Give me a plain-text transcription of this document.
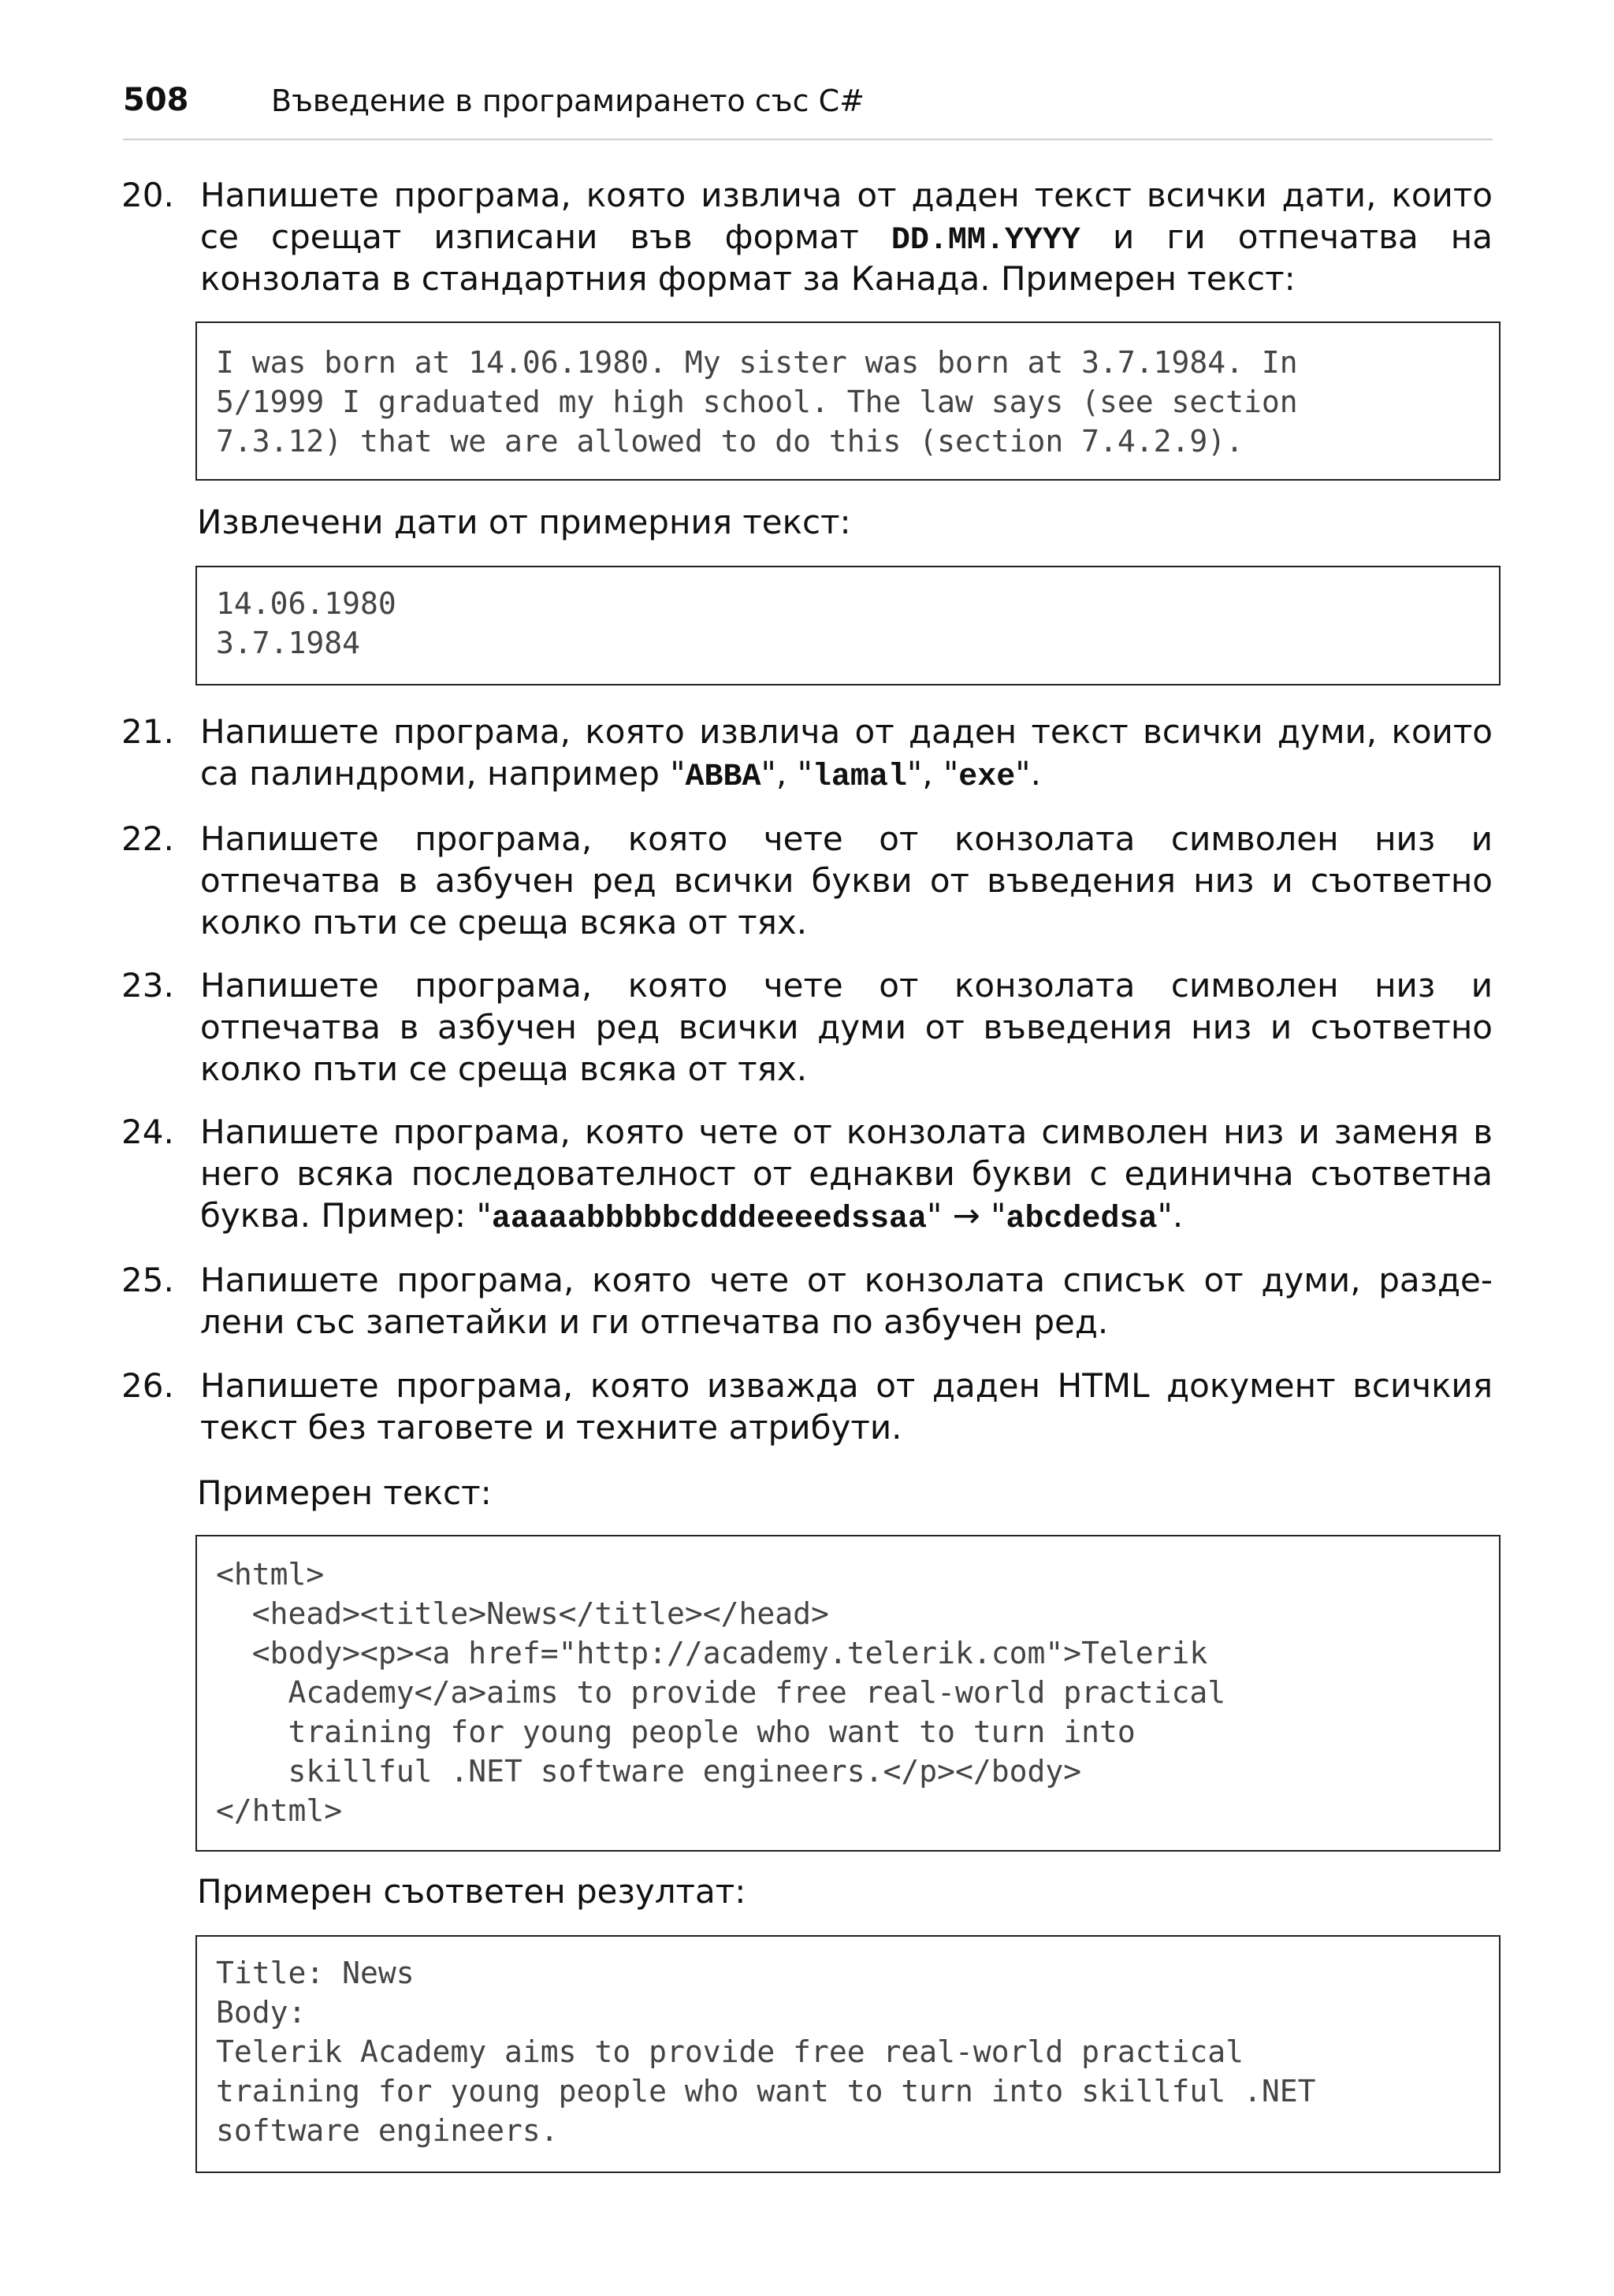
508	Въведение в програмирането със C#
20. Напишете програма, която извлича от даден текст всички дати, които
се срещат изписани във формат DD.MM.YYYY и ги отпечатва на
конзолата в стандартния формат за Канада. Примерен текст:
I was born at 14.06.1980. My sister was born at 3.7.1984. In
5/1999 I graduated my high school. The law says (see section
7.3.12) that we are allowed to do this (section 7.4.2.9).
Извлечени дати от примерния текст:
14.06.1980
3.7.1984
21. Напишете програма, която извлича от даден текст всички думи, които
са палиндроми, например "ABBA", "lamal", "exe".
22. Напишете програма, която чете от конзолата символен низ и
отпечатва в азбучен ред всички букви от въведения низ и съответно
колко пъти се среща всяка от тях.
23. Напишете програма, която чете от конзолата символен низ и
отпечатва в азбучен ред всички думи от въведения низ и съответно
колко пъти се среща всяка от тях.
24. Напишете програма, която чете от конзолата символен низ и заменя в
него всяка последователност от еднакви букви с единична съответна
буква. Пример: "aaaaabbbbbcdddeeeedssaa" → "abcdedsa".
25. Напишете програма, която чете от конзолата списък от думи, разде-
лени със запетайки и ги отпечатва по азбучен ред.
26. Напишете програма, която изважда от даден HTML документ всичкия
текст без таговете и техните атрибути.
Примерен текст:
<html>
<head><title>News</title></head>
<body><p><a href="http://academy.telerik.com">Telerik
Academy</a>aims to provide free real-world practical
training for young people who want to turn into
skillful .NET software engineers.</p></body>
</html>
Примерен съответен резултат:
Title: News
Body:
Telerik Academy aims to provide free real-world practical
training for young people who want to turn into skillful .NET
software engineers.
